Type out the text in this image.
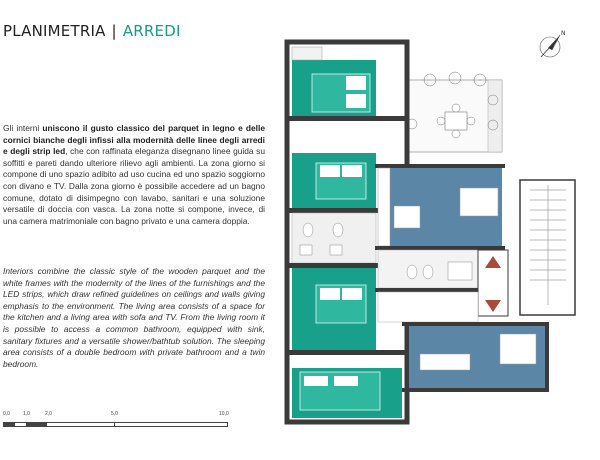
PLANIMETRIA | ARREDI
Gli interni uniscono il gusto classico del parquet in legno e delle cornici bianche degli infissi alla modernità delle linee degli arredi e degli strip led, che con raffinata eleganza disegnano linee guida su soffitti e pareti dando ulteriore rilievo agli ambienti. La zona giorno si compone di uno spazio adibito ad uso cucina ed uno spazio soggiorno con divano e TV. Dalla zona giorno è possibile accedere ad un bagno comune, dotato di disimpegno con lavabo, sanitari e una soluzione versatile di doccia con vasca. La zona notte si compone, invece, di una camera matrimoniale con bagno privato e una camera doppia.
Interiors combine the classic style of the wooden parquet and the white frames with the modernity of the lines of the furnishings and the LED strips, which draw refined guidelines on ceilings and walls giving emphasis to the environment. The living area consists of a space for the kitchen and a living area with sofa and TV. From the living room it is possible to access a common bathroom, equipped with sink, sanitary fixtures and a versatile shower/bathtub solution. The sleeping area consists of a double bedroom with private bathroom and a twin bedroom.
0,0	1,0	2,0	5,0	10,0
N
